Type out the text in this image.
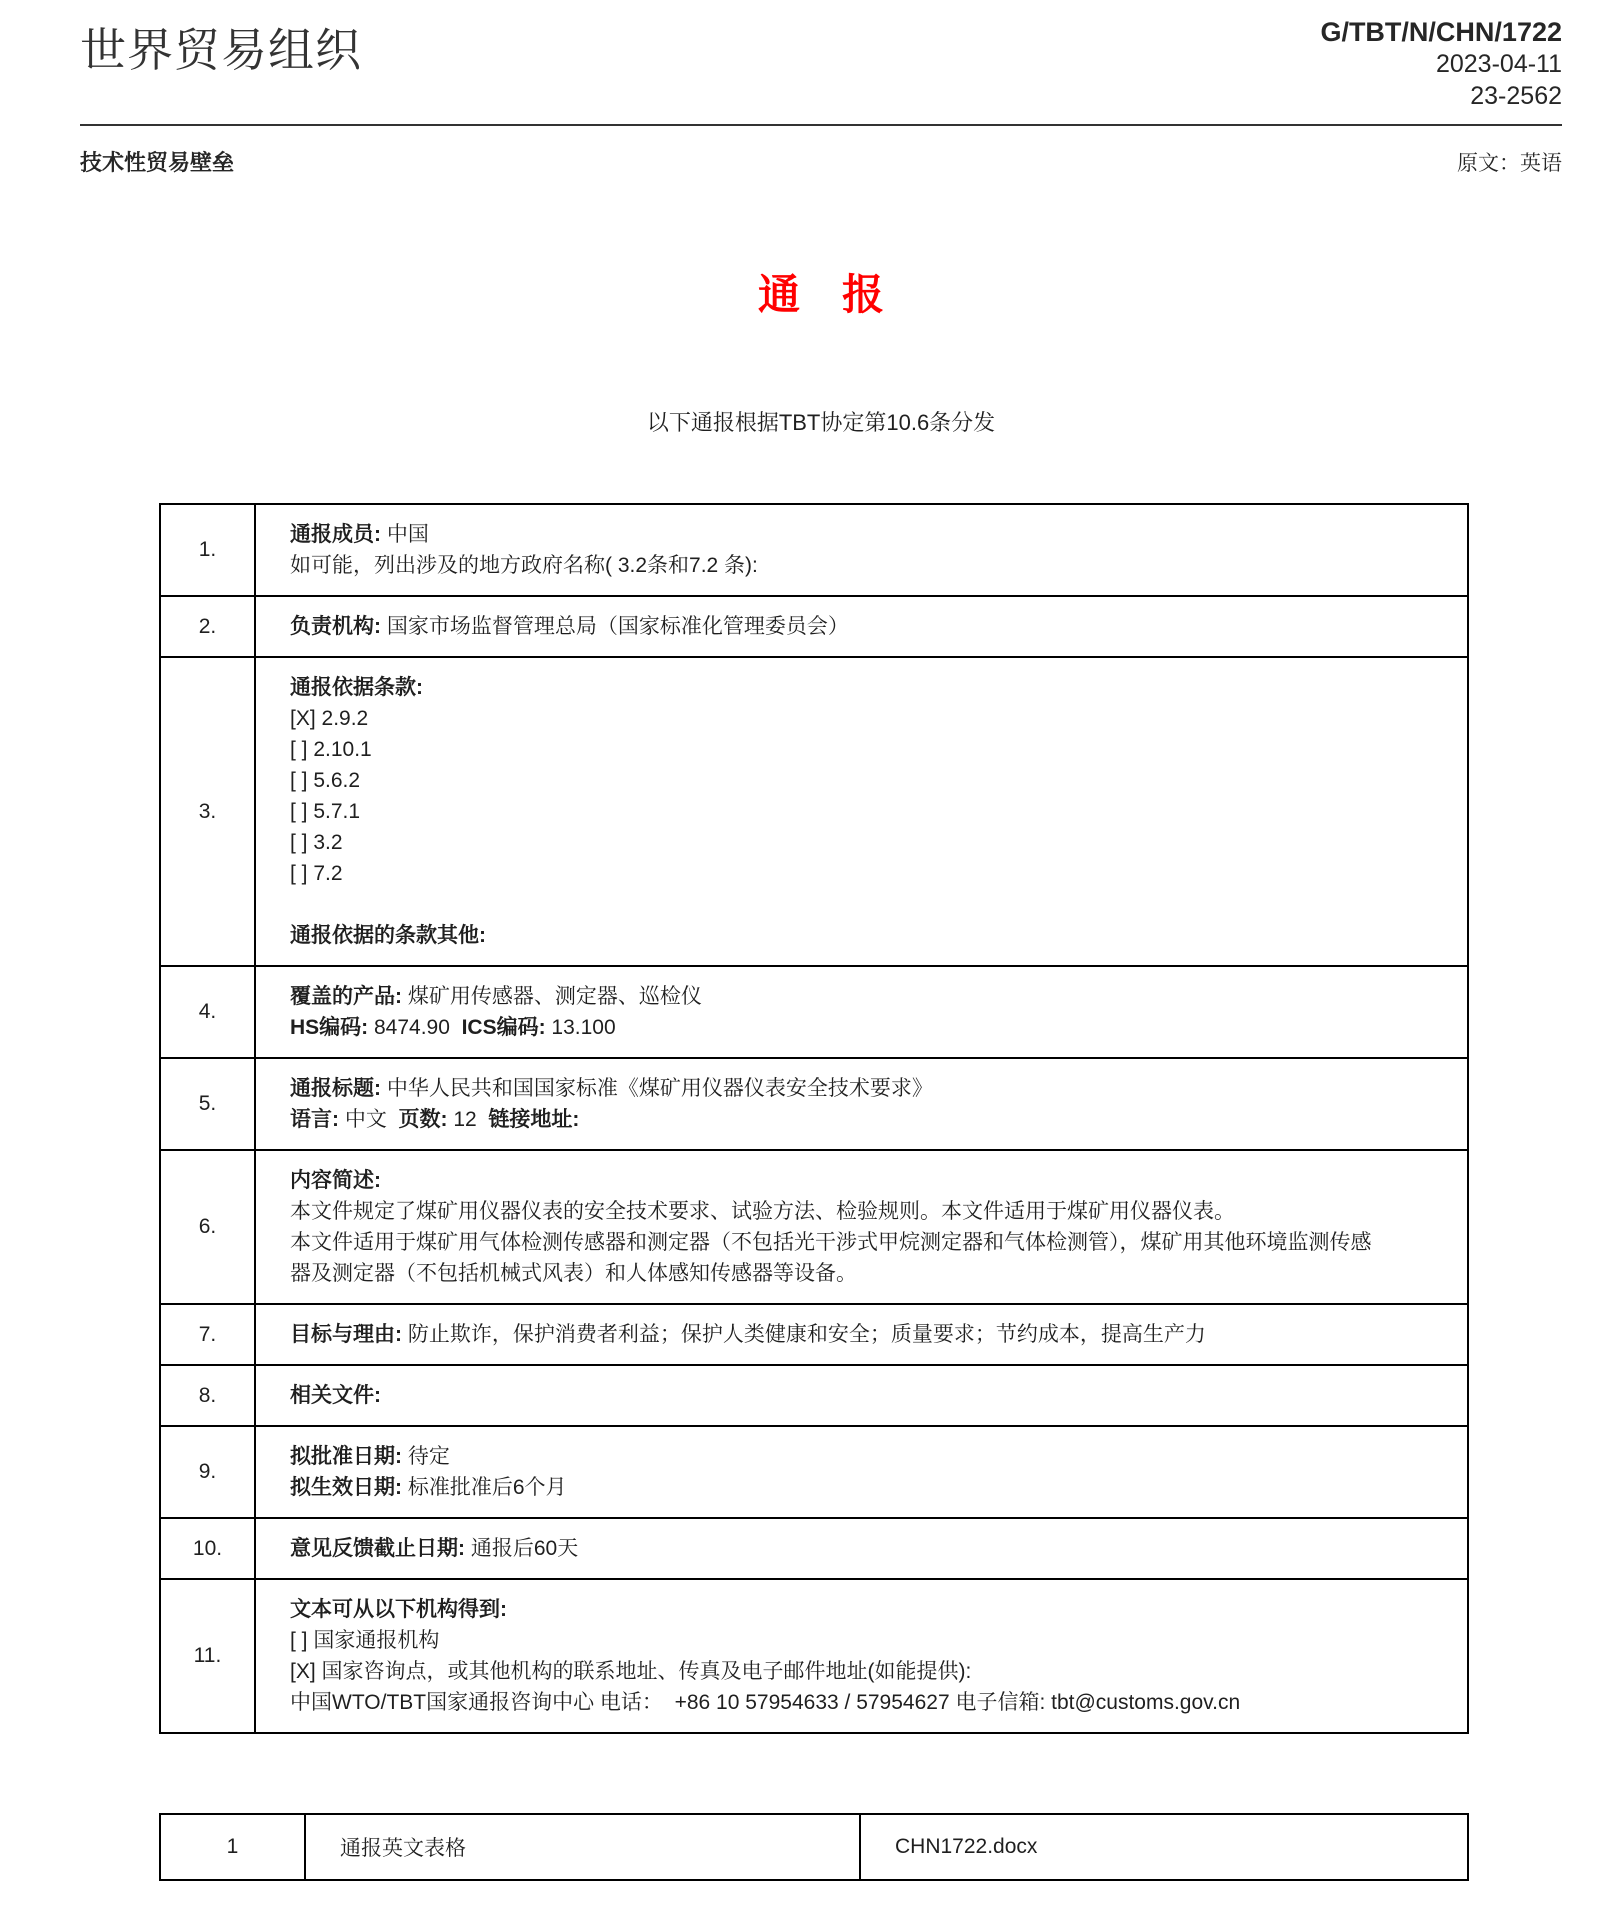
世界贸易组织	G/TBT/N/CHN/1722
2023-04-11
23-2562
技术性贸易壁垒	原文：英语
通　报
以下通报根据TBT协定第10.6条分发
1.	通报成员: 中国
如可能，列出涉及的地方政府名称( 3.2条和7.2 条):

2.	负责机构: 国家市场监督管理总局（国家标准化管理委员会）

3.	
通报依据条款:
[X] 2.9.2
[ ] 2.10.1
[ ] 5.6.2
[ ] 5.7.1
[ ] 3.2
[ ] 7.2

通报依据的条款其他:

4.	覆盖的产品: 煤矿用传感器、测定器、巡检仪
HS编码: 8474.90  ICS编码: 13.100

5.	通报标题: 中华人民共和国国家标准《煤矿用仪器仪表安全技术要求》
语言: 中文  页数: 12  链接地址:

6.	内容简述:
本文件规定了煤矿用仪器仪表的安全技术要求、试验方法、检验规则。本文件适用于煤矿用仪器仪表。
本文件适用于煤矿用气体检测传感器和测定器（不包括光干涉式甲烷测定器和气体检测管），煤矿用其他环境监测传感
器及测定器（不包括机械式风表）和人体感知传感器等设备。

7.	目标与理由: 防止欺诈，保护消费者利益；保护人类健康和安全；质量要求；节约成本，提高生产力

8.	相关文件:

9.	拟批准日期: 待定
拟生效日期: 标准批准后6个月

10.	意见反馈截止日期: 通报后60天

11.	文本可从以下机构得到:
[ ] 国家通报机构
[X] 国家咨询点，或其他机构的联系地址、传真及电子邮件地址(如能提供):
中国WTO/TBT国家通报咨询中心 电话：  +86 10 57954633 / 57954627 电子信箱: tbt@customs.gov.cn
1	通报英文表格	CHN1722.docx
